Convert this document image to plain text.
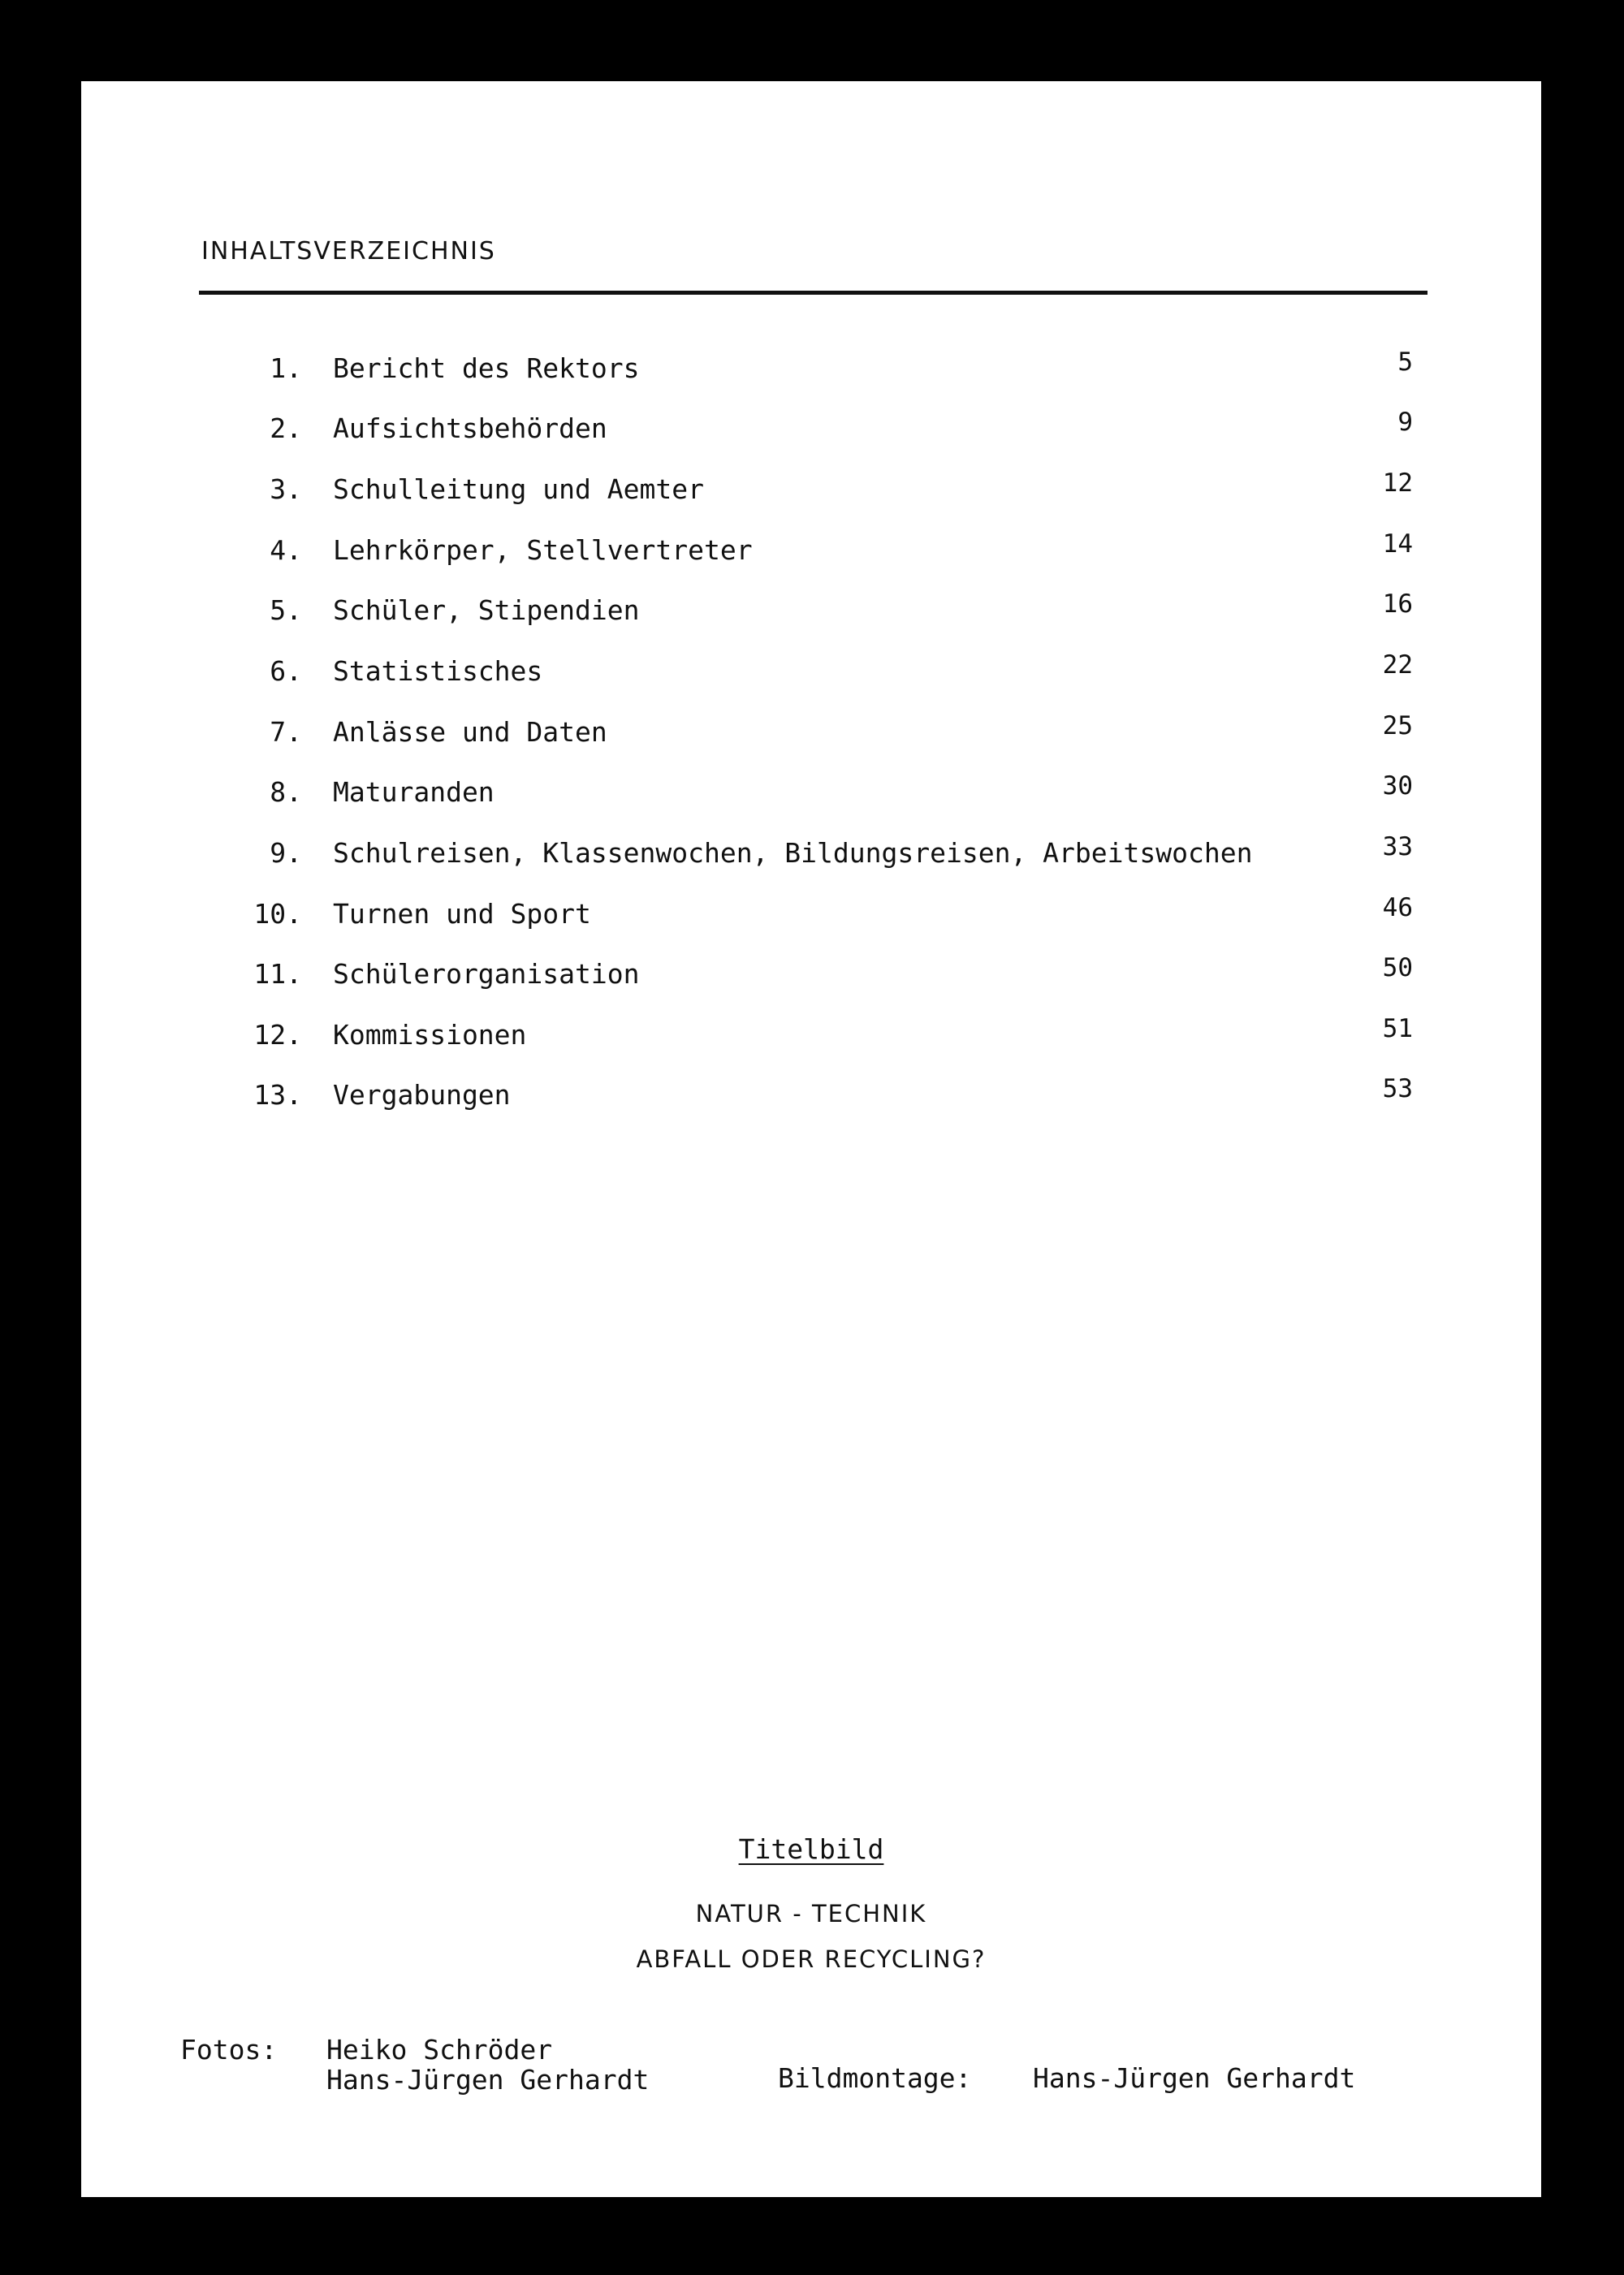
INHALTSVERZEICHNIS
1. Bericht des Rektors	5
2. Aufsichtsbehörden	9
3. Schulleitung und Aemter	12
4. Lehrkörper, Stellvertreter	14
5. Schüler, Stipendien	16
6. Statistisches	22
7. Anlässe und Daten	25
8. Maturanden	30
9. Schulreisen, Klassenwochen, Bildungsreisen, Arbeitswochen	33
10. Turnen und Sport	46
11. Schülerorganisation	50
12. Kommissionen	51
13. Vergabungen	53
Titelbild
NATUR - TECHNIK
ABFALL ODER RECYCLING?
Fotos: Heiko Schröder
Hans-Jürgen Gerhardt	Bildmontage: Hans-Jürgen Gerhardt
